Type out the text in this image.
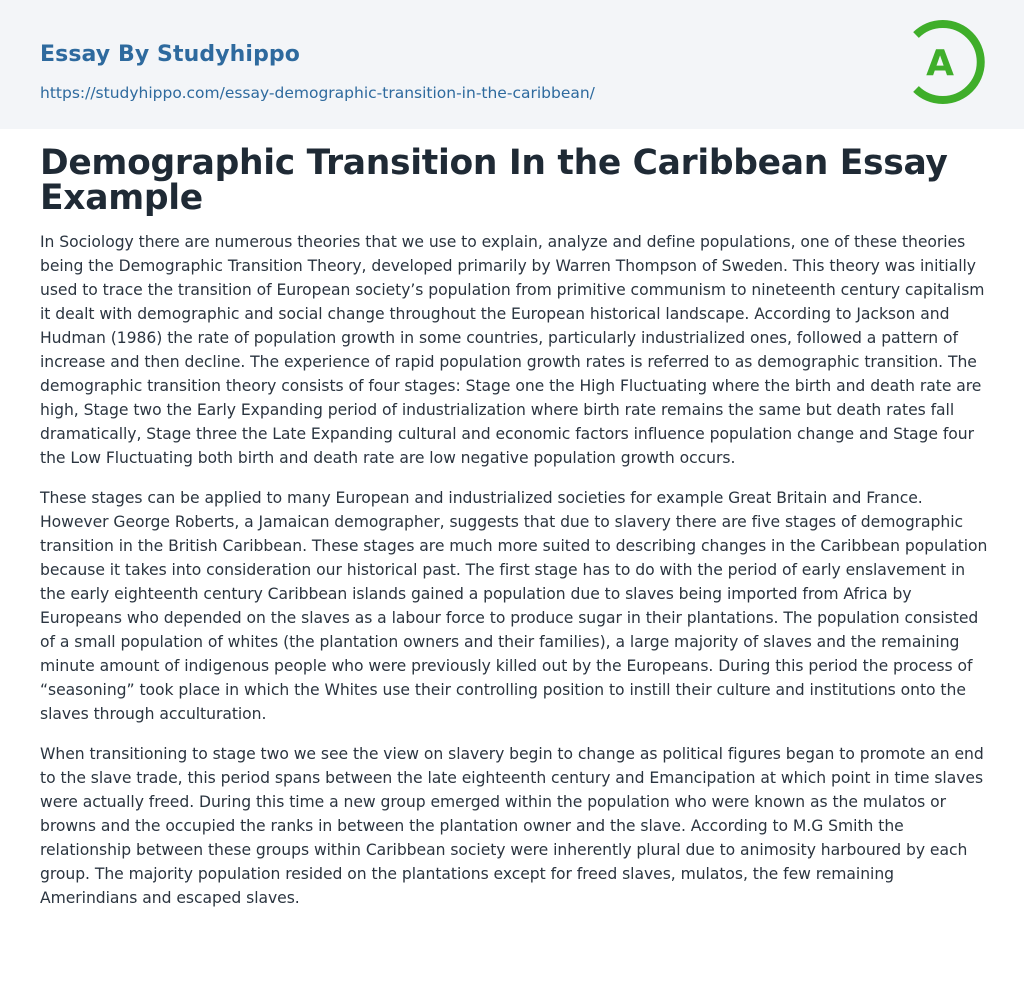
Essay By Studyhippo
https://studyhippo.com/essay-demographic-transition-in-the-caribbean/
A
Demographic Transition In the Caribbean Essay Example

In Sociology there are numerous theories that we use to explain, analyze and define populations, one of these theories being the Demographic Transition Theory, developed primarily by Warren Thompson of Sweden. This theory was initially used to trace the transition of European society’s population from primitive communism to nineteenth century capitalism it dealt with demographic and social change throughout the European historical landscape. According to Jackson and Hudman (1986) the rate of population growth in some countries, particularly industrialized ones, followed a pattern of increase and then decline. The experience of rapid population growth rates is referred to as demographic transition. The demographic transition theory consists of four stages: Stage one the High Fluctuating where the birth and death rate are high, Stage two the Early Expanding period of industrialization where birth rate remains the same but death rates fall dramatically, Stage three the Late Expanding cultural and economic factors influence population change and Stage four the Low Fluctuating both birth and death rate are low negative population growth occurs.

These stages can be applied to many European and industrialized societies for example Great Britain and France. However George Roberts, a Jamaican demographer, suggests that due to slavery there are five stages of demographic transition in the British Caribbean. These stages are much more suited to describing changes in the Caribbean population because it takes into consideration our historical past. The first stage has to do with the period of early enslavement in the early eighteenth century Caribbean islands gained a population due to slaves being imported from Africa by Europeans who depended on the slaves as a labour force to produce sugar in their plantations. The population consisted of a small population of whites (the plantation owners and their families), a large majority of slaves and the remaining minute amount of indigenous people who were previously killed out by the Europeans. During this period the process of “seasoning” took place in which the Whites use their controlling position to instill their culture and institutions onto the slaves through acculturation.

When transitioning to stage two we see the view on slavery begin to change as political figures began to promote an end to the slave trade, this period spans between the late eighteenth century and Emancipation at which point in time slaves were actually freed. During this time a new group emerged within the population who were known as the mulatos or browns and the occupied the ranks in between the plantation owner and the slave. According to M.G Smith the relationship between these groups within Caribbean society were inherently plural due to animosity harboured by each group. The majority population resided on the plantations except for freed slaves, mulatos, the few remaining Amerindians and escaped slaves.
